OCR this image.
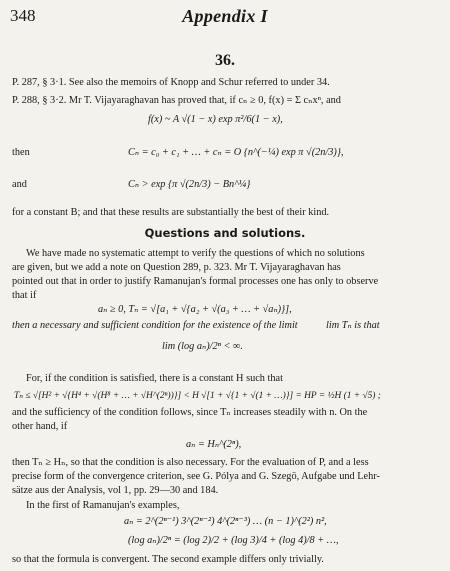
348	Appendix I
36.
P. 287, § 3·1. See also the memoirs of Knopp and Schur referred to under 34.
P. 288, § 3·2. Mr T. Vijayaraghavan has proved that, if cₙ ≥ 0, f(x) = Σ cₙxⁿ, and
f(x) ~ A √(1 − x) exp π²/6(1 − x),
then	Cₙ = c₀ + c₁ + … + cₙ = O {n^(−¼) exp π √(2n/3)},
and	Cₙ > exp {π √(2n/3) − Bn^¼}
for a constant B; and that these results are substantially the best of their kind.
Questions and solutions.
We have made no systematic attempt to verify the questions of which no solutions
are given, but we add a note on Question 289, p. 323. Mr T. Vijayaraghavan has
pointed out that in order to justify Ramanujan's formal processes one has only to observe
that if
aₙ ≥ 0, Tₙ = √[a₁ + √{a₂ + √(a₃ + … + √aₙ)}],
then a necessary and sufficient condition for the existence of the limit	lim Tₙ is that
lim (log aₙ)/2ⁿ < ∞.
For, if the condition is satisfied, there is a constant H such that
Tₙ ≤ √[H² + √{H⁴ + √(H⁸ + … + √H^(2ⁿ))}] < H √[1 + √{1 + √(1 + …)}] = HP = ½H (1 + √5) ;
and the sufficiency of the condition follows, since Tₙ increases steadily with n. On the
other hand, if
aₙ = Hₙ^(2ⁿ),
then Tₙ ≥ Hₙ, so that the condition is also necessary. For the evaluation of P, and a less
precise form of the convergence criterion, see G. Pólya and G. Szegö, Aufgabe und Lehr-
sätze aus der Analysis, vol 1, pp. 29—30 and 184.
In the first of Ramanujan's examples,
aₙ = 2^(2ⁿ⁻¹) 3^(2ⁿ⁻²) 4^(2ⁿ⁻³) … (n − 1)^(2²) n²,
(log aₙ)/2ⁿ = (log 2)/2 + (log 3)/4 + (log 4)/8 + …,
so that the formula is convergent. The second example differs only trivially.
